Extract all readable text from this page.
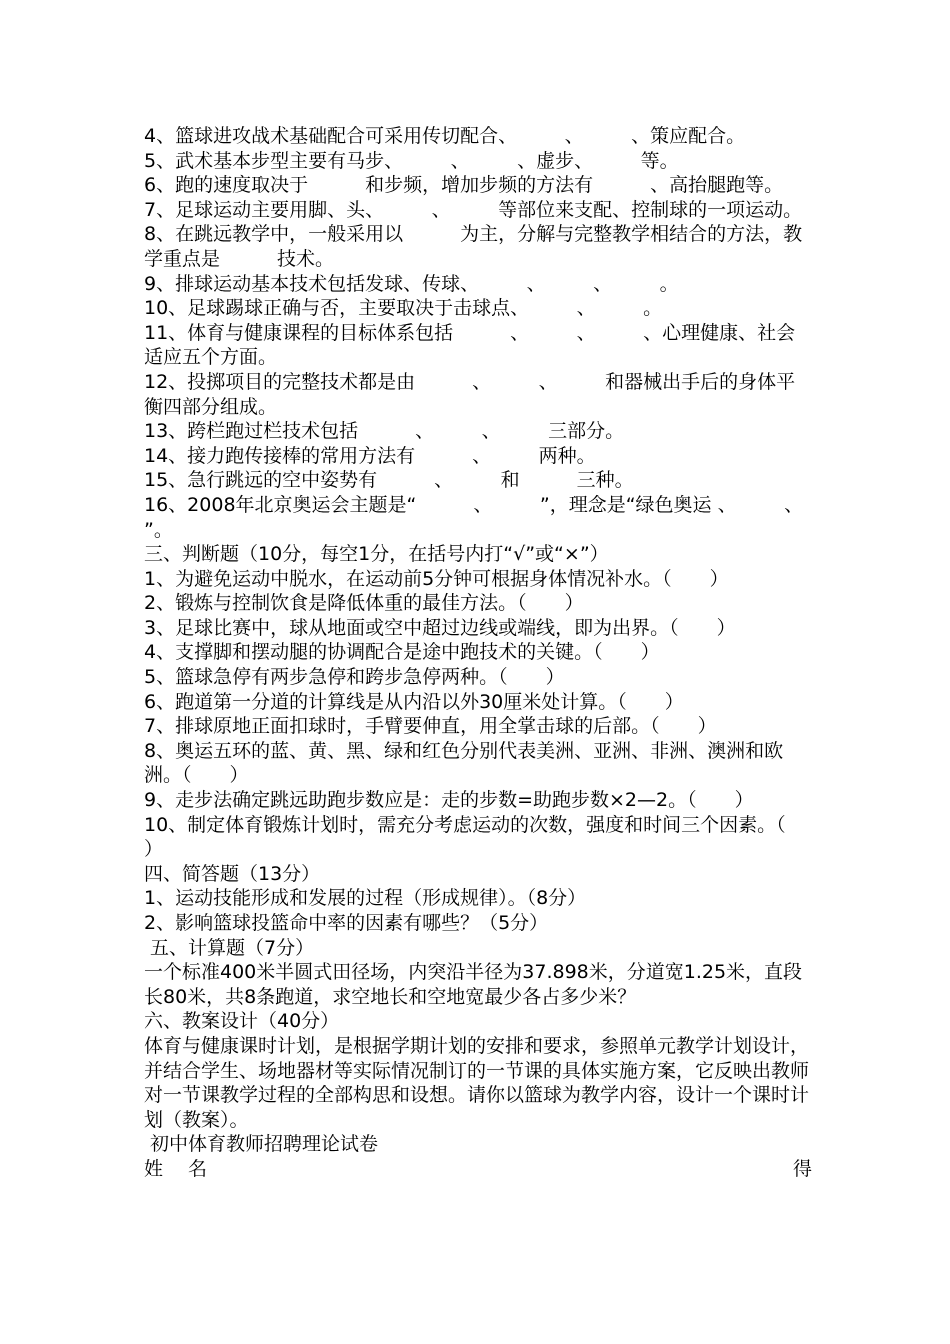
4、篮球进攻战术基础配合可采用传切配合、　　　、　　　、策应配合。

5、武术基本步型主要有马步、　　　、　　　、虚步、　　　等。

6、跑的速度取决于　　　和步频，增加步频的方法有　　　、高抬腿跑等。

7、足球运动主要用脚、头、　　　、　　　等部位来支配、控制球的一项运动。

8、在跳远教学中，一般采用以　　　为主，分解与完整教学相结合的方法，教学重点是　　　技术。

9、排球运动基本技术包括发球、传球、　　　、　　　、　　　。

10、足球踢球正确与否，主要取决于击球点、　　　、　　　。

11、体育与健康课程的目标体系包括　　　、　　　、　　　、心理健康、社会适应五个方面。

12、投掷项目的完整技术都是由　　　、　　　、　　　和器械出手后的身体平衡四部分组成。

13、跨栏跑过栏技术包括　　　、　　　、　　　三部分。

14、接力跑传接棒的常用方法有　　　、　　　两种。

15、急行跳远的空中姿势有　　　、　　　和　　　三种。

16、2008年北京奥运会主题是“　　　、　　　”，理念是“绿色奥运 、　　　、　　　”。

三、判断题（10分，每空1分，在括号内打“√”或“×”）

1、为避免运动中脱水，在运动前5分钟可根据身体情况补水。（　　）

2、锻炼与控制饮食是降低体重的最佳方法。（　　）

3、足球比赛中，球从地面或空中超过边线或端线，即为出界。（　　）

4、支撑脚和摆动腿的协调配合是途中跑技术的关键。（　　）

5、篮球急停有两步急停和跨步急停两种。（　　）

6、跑道第一分道的计算线是从内沿以外30厘米处计算。（　　）

7、排球原地正面扣球时，手臂要伸直，用全掌击球的后部。（　　）

8、奥运五环的蓝、黄、黑、绿和红色分别代表美洲、亚洲、非洲、澳洲和欧洲。（　　）

9、走步法确定跳远助跑步数应是：走的步数=助跑步数×2—2。（　　）

10、制定体育锻炼计划时，需充分考虑运动的次数，强度和时间三个因素。（　　）

四、简答题（13分）

1、运动技能形成和发展的过程（形成规律）。（8分）

2、影响篮球投篮命中率的因素有哪些？（5分）

五、计算题（7分）

一个标准400米半圆式田径场，内突沿半径为37.898米，分道宽1.25米，直段长80米，共8条跑道，求空地长和空地宽最少各占多少米？

六、教案设计（40分）

体育与健康课时计划，是根据学期计划的安排和要求，参照单元教学计划设计，并结合学生、场地器材等实际情况制订的一节课的具体实施方案，它反映出教师对一节课教学过程的全部构思和设想。请你以篮球为教学内容，设计一个课时计划（教案）。

初中体育教师招聘理论试卷

姓　 名	得
